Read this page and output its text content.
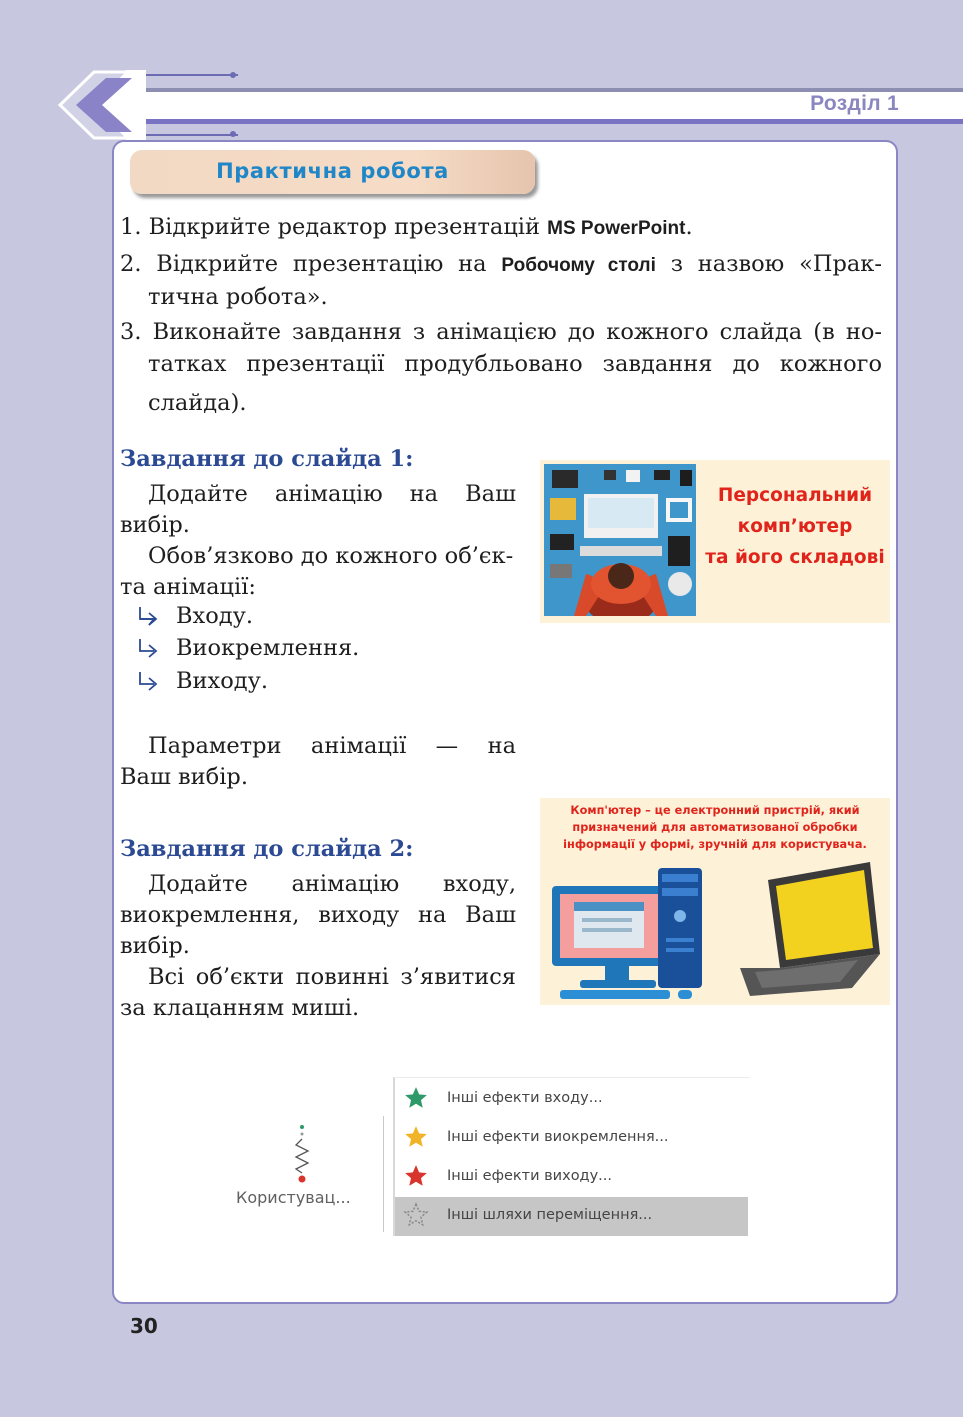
Розділ 1
Практична робота
1. Відкрийте редактор презентацій MS PowerPoint.
2. Відкрийте презентацію на Робочому столі з назвою «Прак-
тична робота».
3. Виконайте завдання з анімацією до кожного слайда (в но-
таткax презентації продубльовано завдання до кожного
слайда).
Завдання до слайда 1:
Додайте анімацію на Ваш
вибір.
Обов’язково до кожного об’єк-
та анімації:
Входу.
Виокремлення.
Виходу.
Параметри анімації — на
Ваш вибір.
Персональний
комп’ютер
та його складові
Завдання до слайда 2:
Додайте анімацію входу,
виокремлення, виходу на Ваш
вибір.
Всі об’єкти повинні з’явитися
за клацанням миші.
Комп'ютер – це електронний пристрій, який
призначений для автоматизованої обробки
інформації у формі, зручній для користувача.
Користувац...
Інші ефекти входу...
Інші ефекти виокремлення...
Інші ефекти виходу...
Інші шляхи переміщення...
30
